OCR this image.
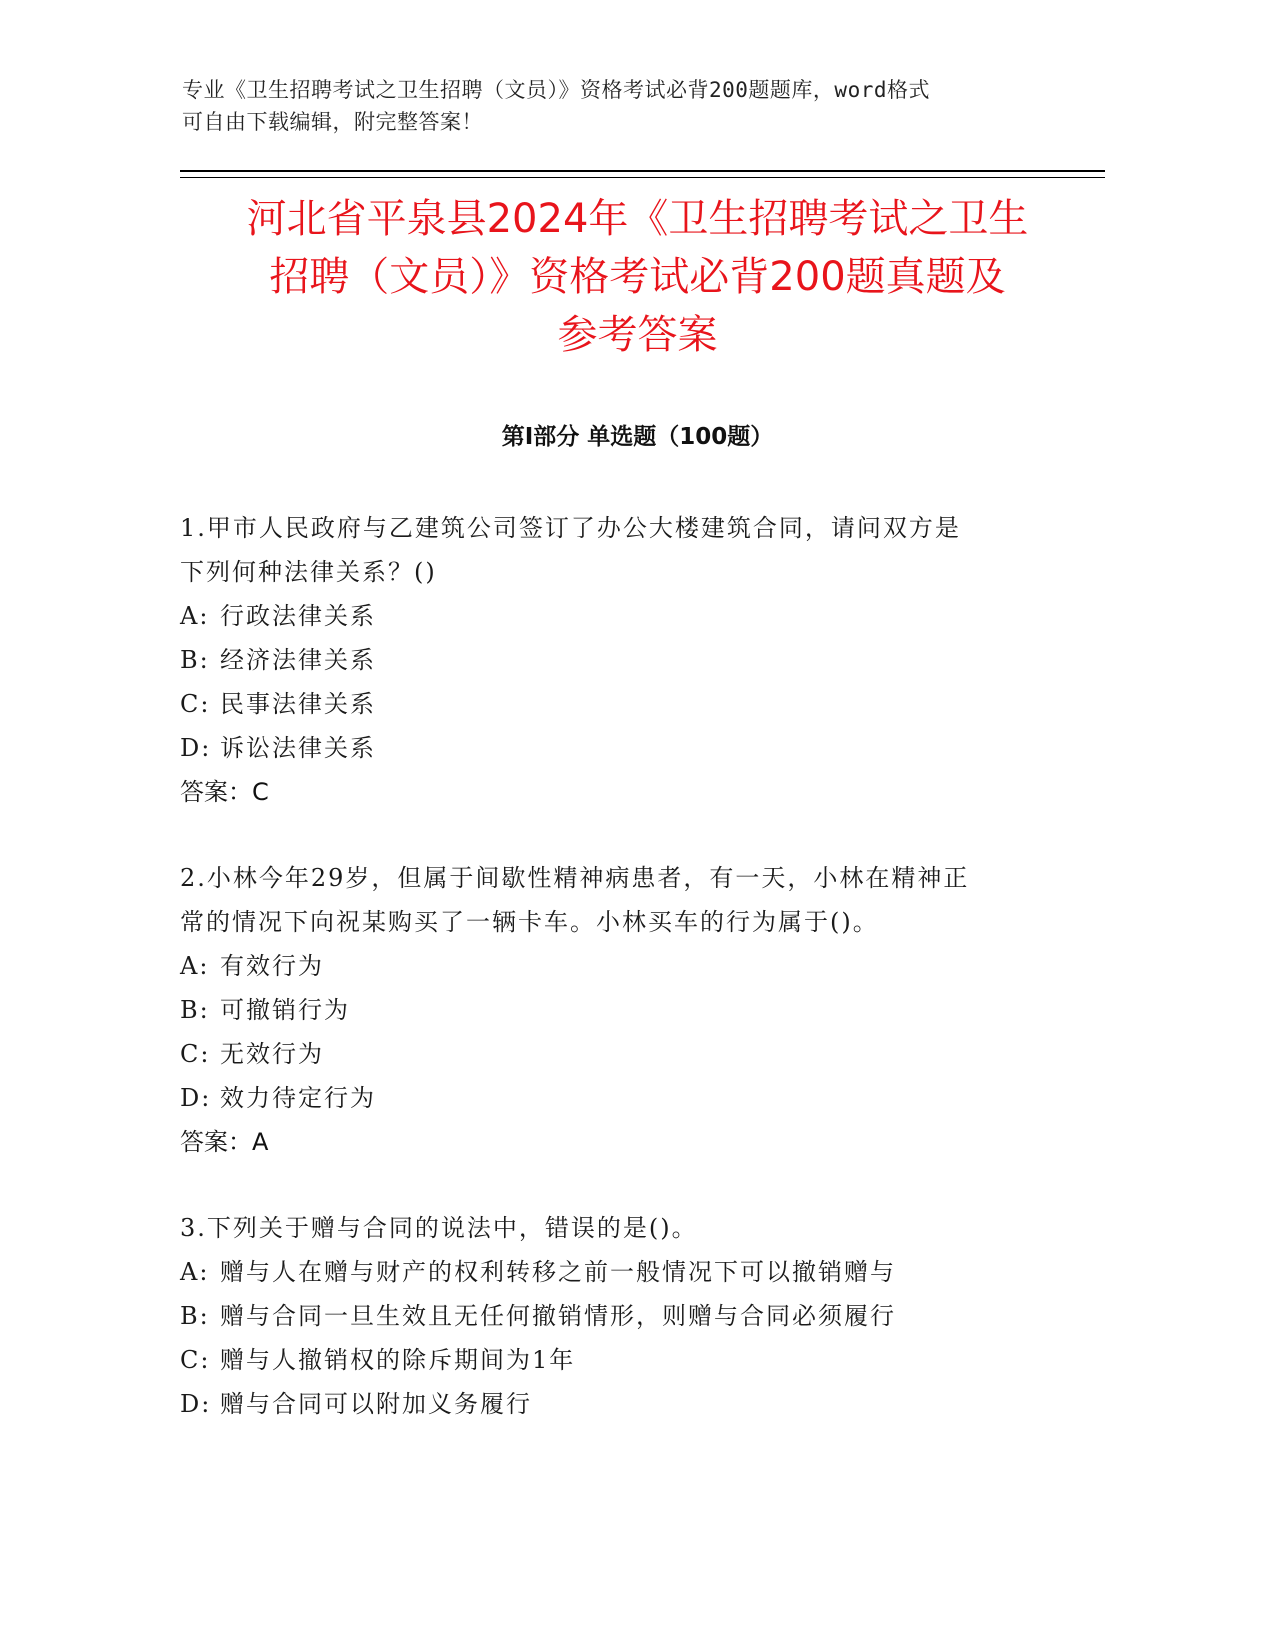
专业《卫生招聘考试之卫生招聘（文员）》资格考试必背200题题库，word格式
可自由下载编辑，附完整答案！
河北省平泉县2024年《卫生招聘考试之卫生
招聘（文员）》资格考试必背200题真题及
参考答案
第Ⅰ部分 单选题（100题）

1.甲市人民政府与乙建筑公司签订了办公大楼建筑合同，请问双方是
下列何种法律关系？()

A: 行政法律关系

B: 经济法律关系

C: 民事法律关系

D: 诉讼法律关系

答案：C

2.小林今年29岁，但属于间歇性精神病患者，有一天，小林在精神正
常的情况下向祝某购买了一辆卡车。小林买车的行为属于()。

A: 有效行为

B: 可撤销行为

C: 无效行为

D: 效力待定行为

答案：A

3.下列关于赠与合同的说法中，错误的是()。

A: 赠与人在赠与财产的权利转移之前一般情况下可以撤销赠与

B: 赠与合同一旦生效且无任何撤销情形，则赠与合同必须履行

C: 赠与人撤销权的除斥期间为1年

D: 赠与合同可以附加义务履行
